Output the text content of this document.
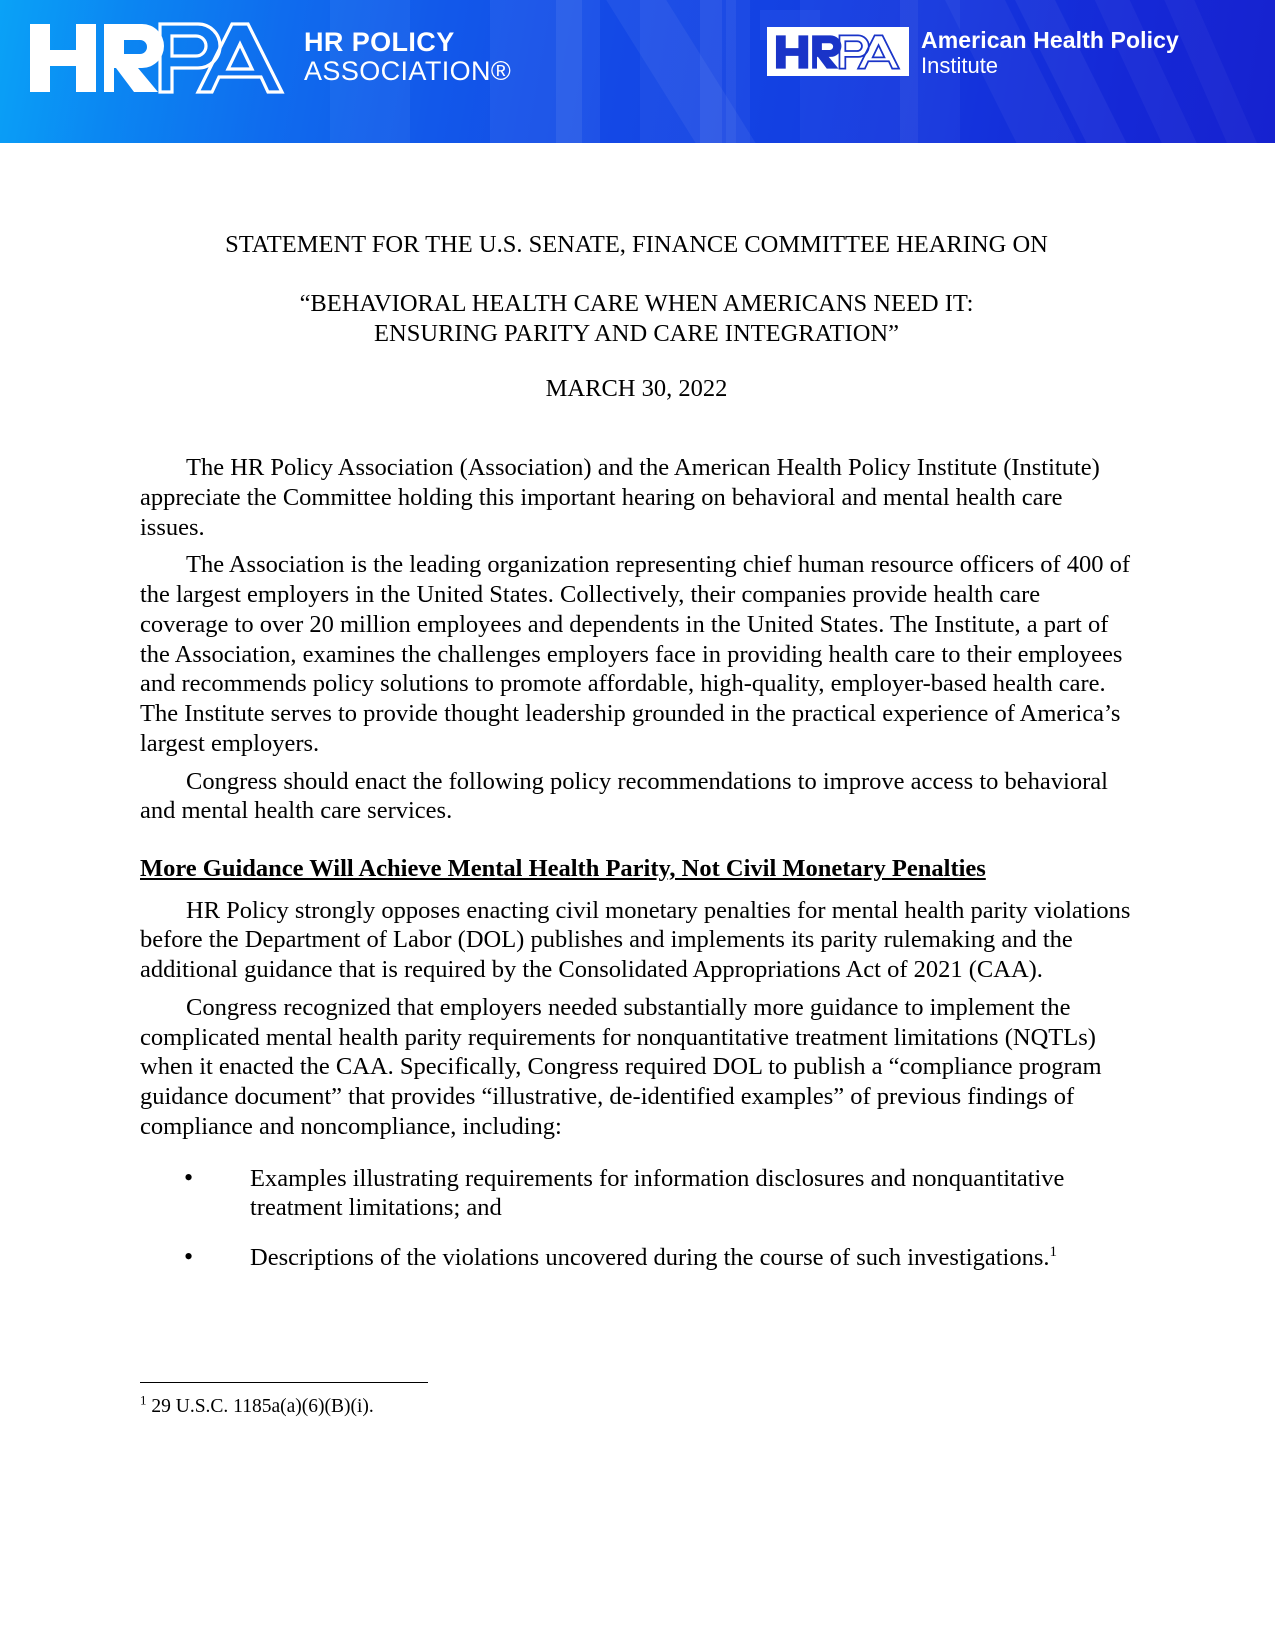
HR POLICY
ASSOCIATION®
American Health Policy
Institute
STATEMENT FOR THE U.S. SENATE, FINANCE COMMITTEE HEARING ON
“BEHAVIORAL HEALTH CARE WHEN AMERICANS NEED IT:
ENSURING PARITY AND CARE INTEGRATION”
MARCH 30, 2022

The HR Policy Association (Association) and the American Health Policy Institute (Institute) appreciate the Committee holding this important hearing on behavioral and mental health care issues.

The Association is the leading organization representing chief human resource officers of 400 of the largest employers in the United States. Collectively, their companies provide health care coverage to over 20 million employees and dependents in the United States. The Institute, a part of the Association, examines the challenges employers face in providing health care to their employees and recommends policy solutions to promote affordable, high-quality, employer-based health care. The Institute serves to provide thought leadership grounded in the practical experience of America’s largest employers.

Congress should enact the following policy recommendations to improve access to behavioral and mental health care services.

More Guidance Will Achieve Mental Health Parity, Not Civil Monetary Penalties

HR Policy strongly opposes enacting civil monetary penalties for mental health parity violations before the Department of Labor (DOL) publishes and implements its parity rulemaking and the additional guidance that is required by the Consolidated Appropriations Act of 2021 (CAA).

Congress recognized that employers needed substantially more guidance to implement the complicated mental health parity requirements for nonquantitative treatment limitations (NQTLs) when it enacted the CAA. Specifically, Congress required DOL to publish a “compliance program guidance document” that provides “illustrative, de-identified examples” of previous findings of compliance and noncompliance, including:

• Examples illustrating requirements for information disclosures and nonquantitative treatment limitations; and
• Descriptions of the violations uncovered during the course of such investigations.$^1$
$^1$ 29 U.S.C. 1185a(a)(6)(B)(i).
